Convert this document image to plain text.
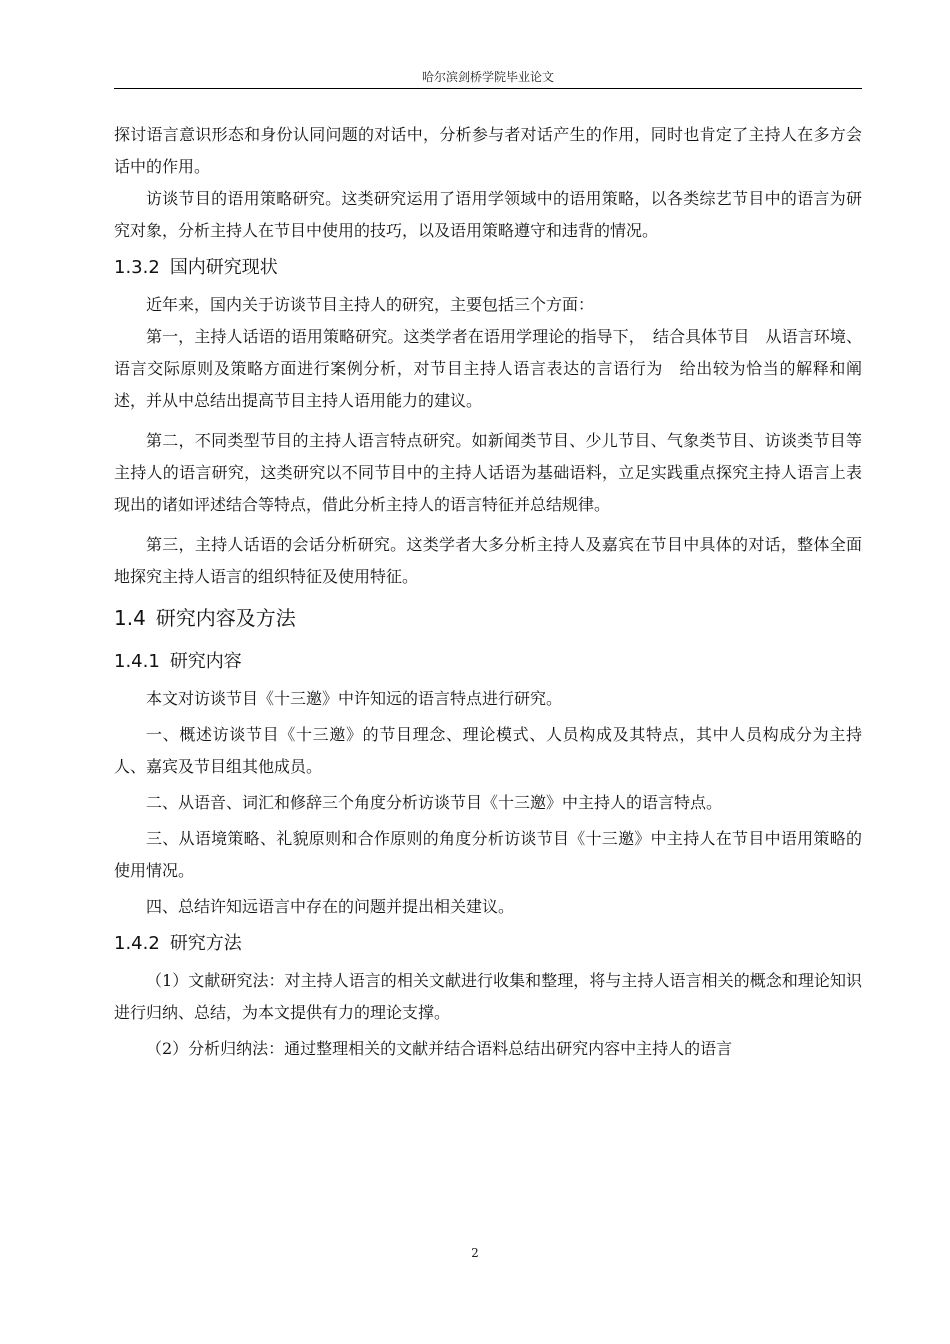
哈尔滨剑桥学院毕业论文

探讨语言意识形态和身份认同问题的对话中，分析参与者对话产生的作用，同时也肯定了主持人在多方会话中的作用。

访谈节目的语用策略研究。这类研究运用了语用学领域中的语用策略，以各类综艺节目中的语言为研究对象，分析主持人在节目中使用的技巧，以及语用策略遵守和违背的情况。

1.3.2 国内研究现状

近年来，国内关于访谈节目主持人的研究，主要包括三个方面：

第一，主持人话语的语用策略研究。这类学者在语用学理论的指导下，　结合具体节目　从语言环境、语言交际原则及策略方面进行案例分析，对节目主持人语言表达的言语行为　给出较为恰当的解释和阐述，并从中总结出提高节目主持人语用能力的建议。

第二，不同类型节目的主持人语言特点研究。如新闻类节目、少儿节目、气象类节目、访谈类节目等主持人的语言研究，这类研究以不同节目中的主持人话语为基础语料，立足实践重点探究主持人语言上表现出的诸如评述结合等特点，借此分析主持人的语言特征并总结规律。

第三，主持人话语的会话分析研究。这类学者大多分析主持人及嘉宾在节目中具体的对话，整体全面地探究主持人语言的组织特征及使用特征。

1.4 研究内容及方法
1.4.1 研究内容

本文对访谈节目《十三邀》中许知远的语言特点进行研究。

一、概述访谈节目《十三邀》的节目理念、理论模式、人员构成及其特点，其中人员构成分为主持人、嘉宾及节目组其他成员。

二、从语音、词汇和修辞三个角度分析访谈节目《十三邀》中主持人的语言特点。

三、从语境策略、礼貌原则和合作原则的角度分析访谈节目《十三邀》中主持人在节目中语用策略的使用情况。

四、总结许知远语言中存在的问题并提出相关建议。

1.4.2 研究方法

（1）文献研究法：对主持人语言的相关文献进行收集和整理，将与主持人语言相关的概念和理论知识进行归纳、总结，为本文提供有力的理论支撑。

（2）分析归纳法：通过整理相关的文献并结合语料总结出研究内容中主持人的语言

2
